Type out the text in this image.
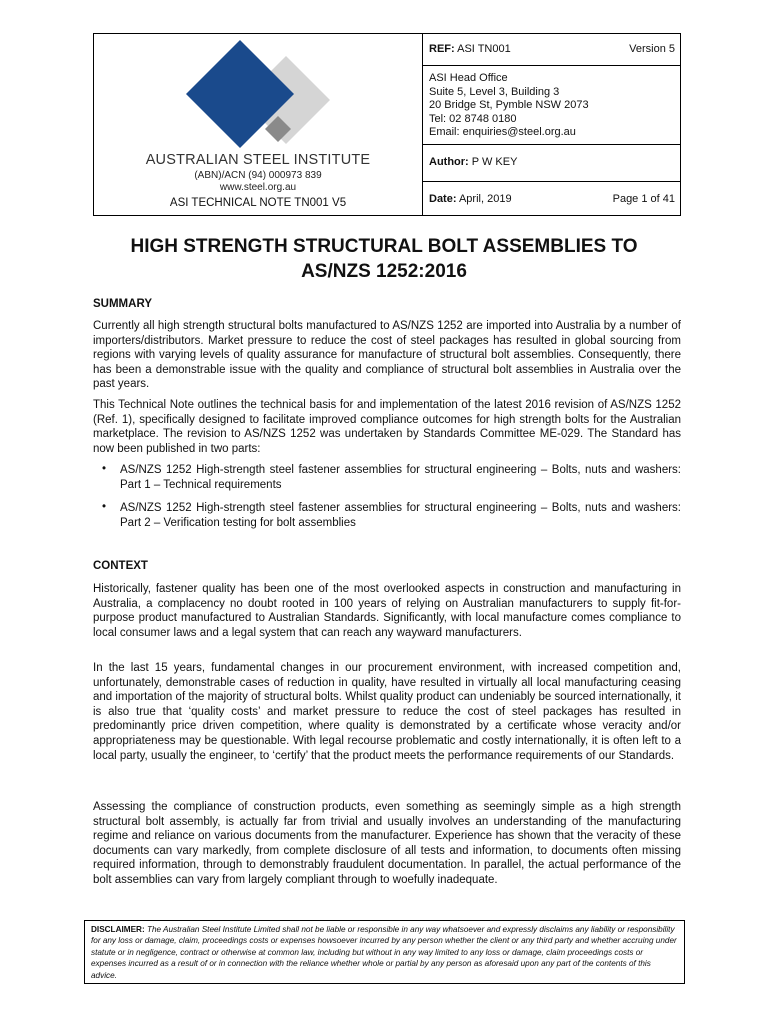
AUSTRALIAN STEEL INSTITUTE
(ABN)/ACN (94) 000973 839
www.steel.org.au
ASI TECHNICAL NOTE TN001 V5
REF: ASI TN001	Version 5
ASI Head Office
Suite 5, Level 3, Building 3
20 Bridge St, Pymble NSW 2073
Tel: 02 8748 0180
Email: enquiries@steel.org.au
Author: P W KEY
Date: April, 2019	Page 1 of 41
HIGH STRENGTH STRUCTURAL BOLT ASSEMBLIES TO
AS/NZS 1252:2016
SUMMARY

Currently all high strength structural bolts manufactured to AS/NZS 1252 are imported into Australia by a number of importers/distributors. Market pressure to reduce the cost of steel packages has resulted in global sourcing from regions with varying levels of quality assurance for manufacture of structural bolt assemblies. Consequently, there has been a demonstrable issue with the quality and compliance of structural bolt assemblies in Australia over the past years.

This Technical Note outlines the technical basis for and implementation of the latest 2016 revision of AS/NZS 1252 (Ref. 1), specifically designed to facilitate improved compliance outcomes for high strength bolts for the Australian marketplace. The revision to AS/NZS 1252 was undertaken by Standards Committee ME-029. The Standard has now been published in two parts:

•	AS/NZS 1252 High-strength steel fastener assemblies for structural engineering – Bolts, nuts and washers: Part 1 – Technical requirements
•	AS/NZS 1252 High-strength steel fastener assemblies for structural engineering – Bolts, nuts and washers: Part 2 – Verification testing for bolt assemblies
CONTEXT

Historically, fastener quality has been one of the most overlooked aspects in construction and manufacturing in Australia, a complacency no doubt rooted in 100 years of relying on Australian manufacturers to supply fit-for-purpose product manufactured to Australian Standards. Significantly, with local manufacture comes compliance to local consumer laws and a legal system that can reach any wayward manufacturers.

In the last 15 years, fundamental changes in our procurement environment, with increased competition and, unfortunately, demonstrable cases of reduction in quality, have resulted in virtually all local manufacturing ceasing and importation of the majority of structural bolts. Whilst quality product can undeniably be sourced internationally, it is also true that ‘quality costs’ and market pressure to reduce the cost of steel packages has resulted in predominantly price driven competition, where quality is demonstrated by a certificate whose veracity and/or appropriateness may be questionable. With legal recourse problematic and costly internationally, it is often left to a local party, usually the engineer, to ‘certify’ that the product meets the performance requirements of our Standards.

Assessing the compliance of construction products, even something as seemingly simple as a high strength structural bolt assembly, is actually far from trivial and usually involves an understanding of the manufacturing regime and reliance on various documents from the manufacturer. Experience has shown that the veracity of these documents can vary markedly, from complete disclosure of all tests and information, to documents often missing required information, through to demonstrably fraudulent documentation. In parallel, the actual performance of the bolt assemblies can vary from largely compliant through to woefully inadequate.

DISCLAIMER: The Australian Steel Institute Limited shall not be liable or responsible in any way whatsoever and expressly disclaims any liability or responsibility for any loss or damage, claim, proceedings costs or expenses howsoever incurred by any person whether the client or any third party and whether accruing under statute or in negligence, contract or otherwise at common law, including but without in any way limited to any loss or damage, claim proceedings costs or expenses incurred as a result of or in connection with the reliance whether whole or partial by any person as aforesaid upon any part of the contents of this advice.
